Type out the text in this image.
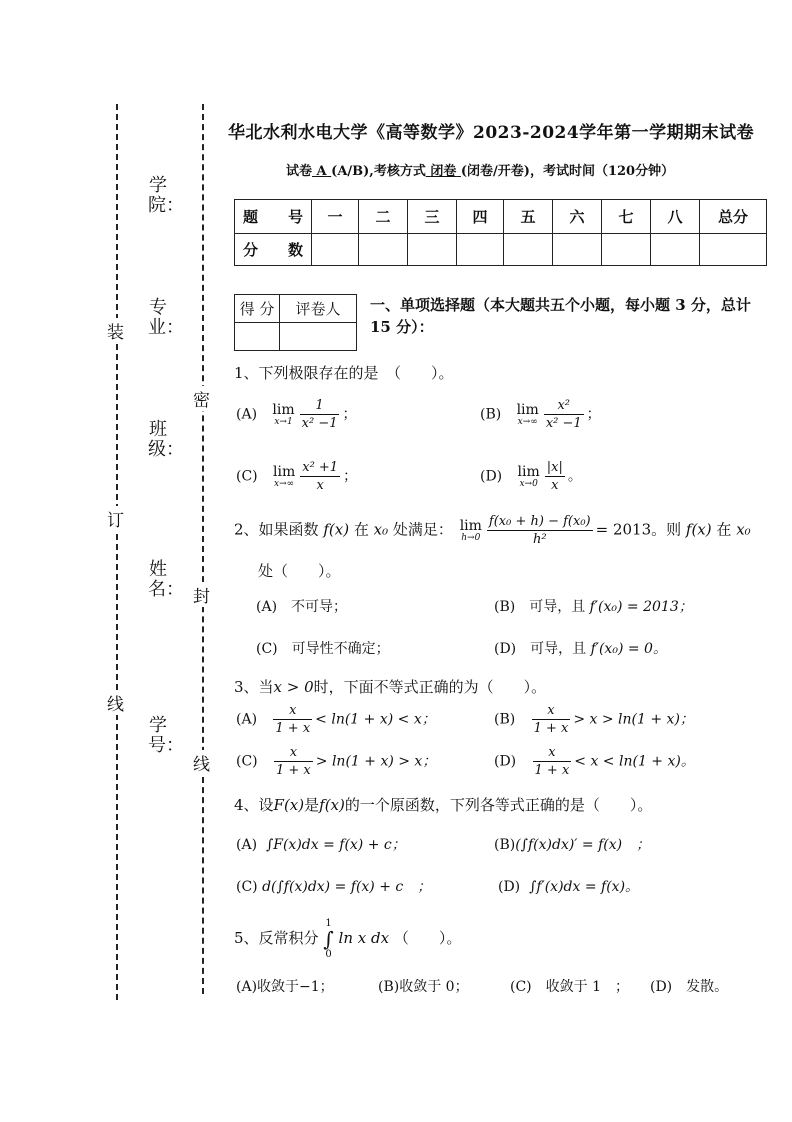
装
订
线
密
封
线
学院：
专业：
班级：
姓名：
学号：
华北水利水电大学《高等数学》2023-2024学年第一学期期末试卷
试卷 A (A/B),考核方式 闭卷 (闭卷/开卷)，考试时间（120分钟）
题　　号	一	二	三	四	五	六	七	八	总分
分　　数									
得 分	评卷人
	一、单项选择题（本大题共五个小题，每小题 3 分，总计 15 分）：
1、下列极限存在的是　（　　）。
(A) lim
$x\to 1 \frac{1}{\text{x² −1}}$ ；	(B) lim
$x\to\infty \frac{\text{x²}}{\text{x² −1}}$ ；
(C) lim
$x\to\infty \frac{\text{x² +1}}{x}$ ；	(D) lim
$x\to 0 \frac{|x|}{x}$ 。
2、如果函数 f(x) 在 x₀ 处满足： lim
$h\to 0 \frac{\text{f(x₀ + h) − f(x₀)}}{\text{h²}} = 2013$。则 f(x) 在 x₀
处（　　）。
(A)　不可导；	(B)　可导，且 f′(x₀) = 2013；
(C)　可导性不确定；	(D)　可导，且 f′(x₀) = 0。
3、当x > 0时，下面不等式正确的为（　　）。
$(A) \frac{x}{1 + x} < \ln(1 + x) < x$；	$(B) \frac{x}{1 + x} > x > \ln(1 + x)$；
$(C) \frac{x}{1 + x} > \ln(1 + x) > x$；	$(D) \frac{x}{1 + x} < x < \ln(1 + x)$。
4、设F(x)是f(x)的一个原函数，下列各等式正确的是（　　）。
(A) ∫F(x)dx = f(x) + c；	(B)(∫f(x)dx)′ = f(x)　；
(C) d(∫f(x)dx) = f(x) + c　；	(D) ∫f′(x)dx = f(x)。
5、反常积分
1
∫
0
ln x dx （　　）。
(A)收敛于−1；	(B)收敛于 0；	(C)　收敛于 1　； (D)　发散。
